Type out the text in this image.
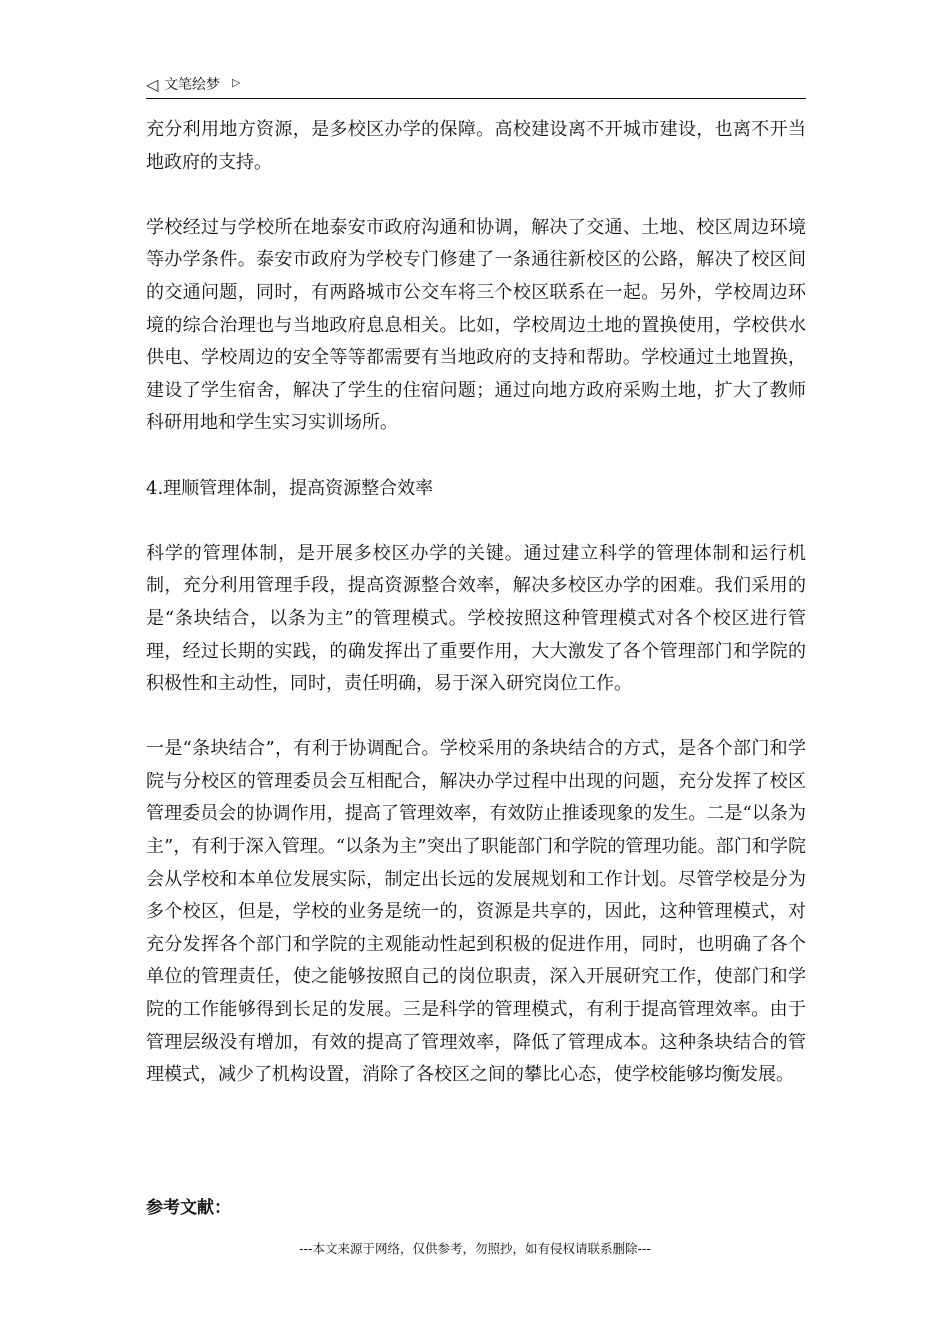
◁ 文笔绘梦 ▷

充分利用地方资源，是多校区办学的保障。高校建设离不开城市建设，也离不开当地政府的支持。

学校经过与学校所在地泰安市政府沟通和协调，解决了交通、土地、校区周边环境等办学条件。泰安市政府为学校专门修建了一条通往新校区的公路，解决了校区间的交通问题，同时，有两路城市公交车将三个校区联系在一起。另外，学校周边环境的综合治理也与当地政府息息相关。比如，学校周边土地的置换使用，学校供水供电、学校周边的安全等等都需要有当地政府的支持和帮助。学校通过土地置换，建设了学生宿舍，解决了学生的住宿问题；通过向地方政府采购土地，扩大了教师科研用地和学生实习实训场所。

4.理顺管理体制，提高资源整合效率

科学的管理体制，是开展多校区办学的关键。通过建立科学的管理体制和运行机制，充分利用管理手段，提高资源整合效率，解决多校区办学的困难。我们采用的是“条块结合，以条为主”的管理模式。学校按照这种管理模式对各个校区进行管理，经过长期的实践，的确发挥出了重要作用，大大激发了各个管理部门和学院的积极性和主动性，同时，责任明确，易于深入研究岗位工作。

一是“条块结合”，有利于协调配合。学校采用的条块结合的方式，是各个部门和学院与分校区的管理委员会互相配合，解决办学过程中出现的问题，充分发挥了校区管理委员会的协调作用，提高了管理效率，有效防止推诿现象的发生。二是“以条为主”，有利于深入管理。“以条为主”突出了职能部门和学院的管理功能。部门和学院会从学校和本单位发展实际，制定出长远的发展规划和工作计划。尽管学校是分为多个校区，但是，学校的业务是统一的，资源是共享的，因此，这种管理模式，对充分发挥各个部门和学院的主观能动性起到积极的促进作用，同时，也明确了各个单位的管理责任，使之能够按照自己的岗位职责，深入开展研究工作，使部门和学院的工作能够得到长足的发展。三是科学的管理模式，有利于提高管理效率。由于管理层级没有增加，有效的提高了管理效率，降低了管理成本。这种条块结合的管理模式，减少了机构设置，消除了各校区之间的攀比心态，使学校能够均衡发展。

参考文献：
---本文来源于网络，仅供参考，勿照抄，如有侵权请联系删除---
